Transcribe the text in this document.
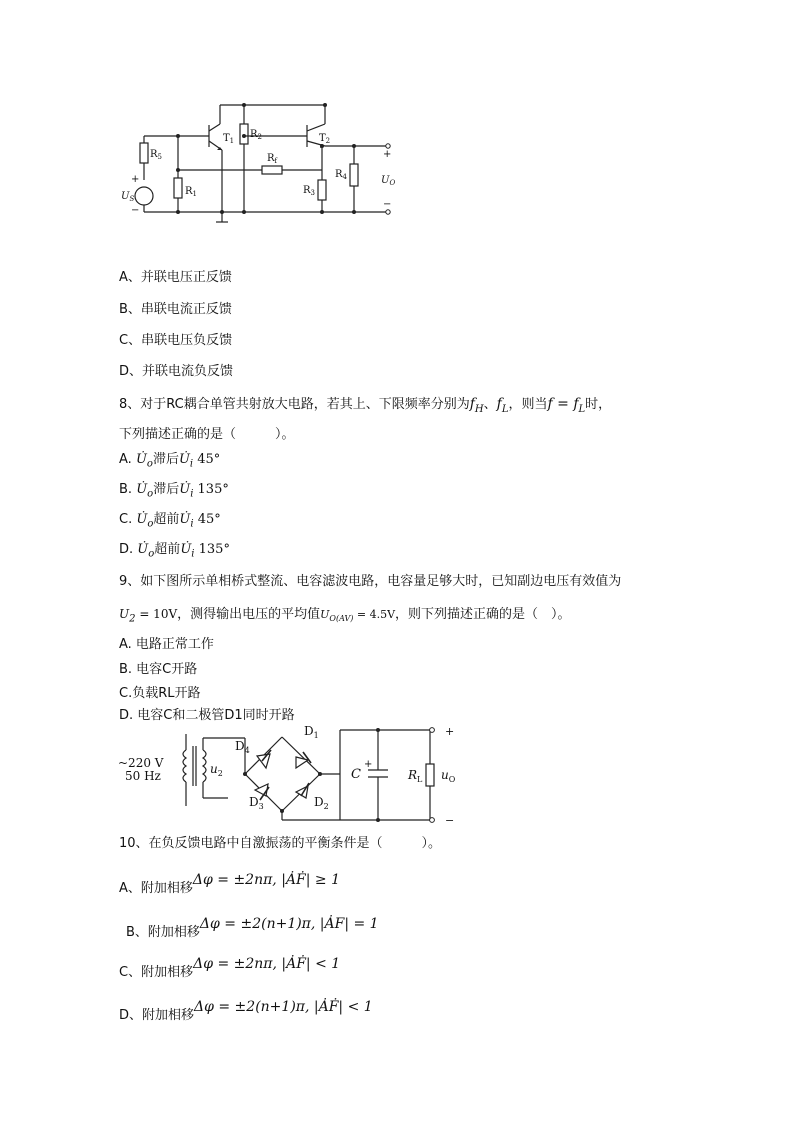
$T_1$
$R_2$	$T_2$
$R_f$
$R_5$
$R_1$	$R_3$
$R_4$
$U_S$
+
−
+
−
$U_O$
A、并联电压正反馈
B、串联电流正反馈
C、串联电压负反馈
D、并联电流负反馈
8、对于RC耦合单管共射放大电路，若其上、下限频率分别为$f_H$、$f_L$，则当$f = f_L$时，
下列描述正确的是（　　　）。
A. $U̇_o$滞后$U̇_i$ 45°
B. $U̇_o$滞后$U̇_i$ 135°
C. $U̇_o$超前$U̇_i$ 45°
D. $U̇_o$超前$U̇_i$ 135°
9、如下图所示单相桥式整流、电容滤波电路，电容量足够大时，已知副边电压有效值为
$U_2 = 10V$，测得输出电压的平均值$U_{O(AV)} = 4.5V$，则下列描述正确的是（　）。
A. 电路正常工作
B. 电容C开路
C.负载RL开路
D. 电容C和二极管D1同时开路
~220 V
50 Hz	$u_2$
$D_4$
$D_1$
$D_3$	$D_2$
C
+
$R_L$ $u_O$
+
−
10、在负反馈电路中自激振荡的平衡条件是（　　　）。
A、附加相移Δφ = ±2nπ, |ȦḞ| ≥ 1
B、附加相移Δφ = ±2(n+1)π, |ȦF| = 1
C、附加相移Δφ = ±2nπ, |ȦḞ| < 1
D、附加相移Δφ = ±2(n+1)π, |ȦḞ| < 1
